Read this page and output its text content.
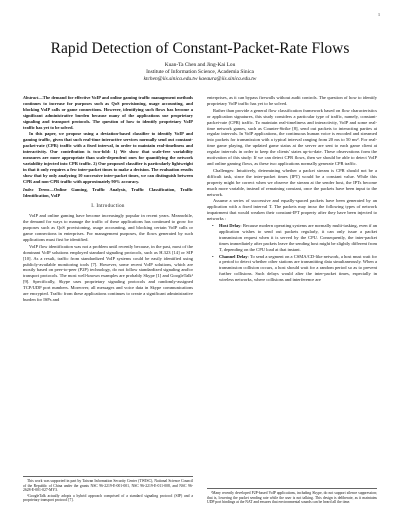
1
Rapid Detection of Constant-Packet-Rate Flows
Kuan-Ta Chen and Jing-Kai Lou
Institute of Information Science, Academia Sinica
ktchen@iis.sinica.edu.tw kaeaura@iis.sinica.edu.tw

Abstract—The demand for effective VoIP and online gaming traffic management methods continues to increase for purposes such as QoS provisioning, usage accounting, and blocking VoIP calls or game connections. However, identifying such flows has become a significant administrative burden because many of the applications use proprietary signaling and transport protocols. The question of how to identify proprietary VoIP traffic has yet to be solved.

In this paper, we propose using a deviation-based classifier to identify VoIP and gaming traffic, given that such real-time interactive services normally send out constant-packet-rate (CPR) traffic with a fixed interval, in order to maintain real-timeliness and interactivity. Our contribution is two-fold: 1) We show that scale-free variability measures are more appropriate than scale-dependent ones for quantifying the network variability injected into CPR traffic. 2) Our proposed classifier is particularly lightweight in that it only requires a few inter-packet times to make a decision. The evaluation results show that by only analyzing 10 successive inter-packet times, we can distinguish between CPR and non-CPR traffic with approximately 90% accuracy.

Index Terms—Online Gaming, Traffic Analysis, Traffic Classification, Traffic Identification, VoIP
I. Introduction

VoIP and online gaming have become increasingly popular in recent years. Meanwhile, the demand for ways to manage the traffic of these applications has continued to grow for purposes such as QoS provisioning, usage accounting, and blocking certain VoIP calls or game connections in enterprises. For management purposes, the flows generated by such applications must first be identified.

VoIP flow identification was not a problem until recently because, in the past, most of the dominant VoIP solutions employed standard signaling protocols, such as H.323 [14] or SIP [10]. As a result, traffic from standardized VoIP systems could be easily identified using publicly-available monitoring tools [7]. However, some recent VoIP solutions, which are mostly based on peer-to-peer (P2P) technology, do not follow standardized signaling and/or transport protocols. The most well-known examples are probably Skype [1] and GoogleTalk¹ [9]. Specifically, Skype uses proprietary signaling protocols and randomly-assigned TCP/UDP port numbers. Moreover, all messages and voice data in Skype communications are encrypted. Traffic from these applications continues to create a significant administrative burden for ISPs and

This work was supported in part by Taiwan Information Security Center (TWISC), National Science Council of the Republic of China under the grants NSC 96-2219-E-001-001, NSC 96-2219-E-011-008, and NSC 96-2628-E-001-027-MY3.

¹GoogleTalk actually adopts a hybrid approach comprised of a standard signaling protocol (SIP) and a proprietary transport protocol [7].

enterprises, as it can bypass firewalls without audit controls. The question of how to identify proprietary VoIP traffic has yet to be solved.

Rather than provide a general flow classification framework based on flow characteristics or application signatures, this study considers a particular type of traffic, namely, constant-packet-rate (CPR) traffic. To maintain real-timeliness and interactivity, VoIP and some real-time network games, such as Counter-Strike [8], send out packets to interacting parties at regular intervals. In VoIP applications, the continuous human voice is encoded and streamed into packets for transmission with a typical interval ranging from 20 ms to 50 ms². For real-time game playing, the updated game status at the server are sent to each game client at regular intervals in order to keep the clients' states up-to-date. These observations form the motivation of this study: If we can detect CPR flows, then we should be able to detect VoIP and online gaming flows, as these two applications normally generate CPR traffic.

Challenges: Intuitively, determining whether a packet stream is CPR should not be a difficult task, since the inter-packet times (IPT) would be a constant value. While this property might be correct when we observe the stream at the sender host, the IPTs become much more variable, instead of remaining constant, once the packets have been input to the network.

Assume a series of successive and equally-spaced packets have been generated by an application with a fixed interval T. The packets may incur the following types of network impairment that would weaken their constant-IPT property after they have been injected to networks :

• Host Delay: Because modern operating systems are normally multi-tasking, even if an application wishes to send out packets regularly, it can only issue a packet transmission request when it is served by the CPU. Consequently, the inter-packet times immediately after packets leave the sending host might be slightly different from T, depending on the CPU load at that instant.
• Channel Delay: To send a segment on a CSMA/CD-like network, a host must wait for a period to detect whether other stations are transmitting data simultaneously. When a transmission collision occurs, a host should wait for a random period so as to prevent further collisions. Such delays would alter the inter-packet times, especially in wireless networks, where collisions and interference are

²Many recently developed P2P-based VoIP applications, including Skype, do not support silence suppression; that is, lowering the packet sending rate while the user is not talking. This design is deliberate, as it maintains UDP port bindings at the NAT and ensures that environmental sounds can be heard all the time.
